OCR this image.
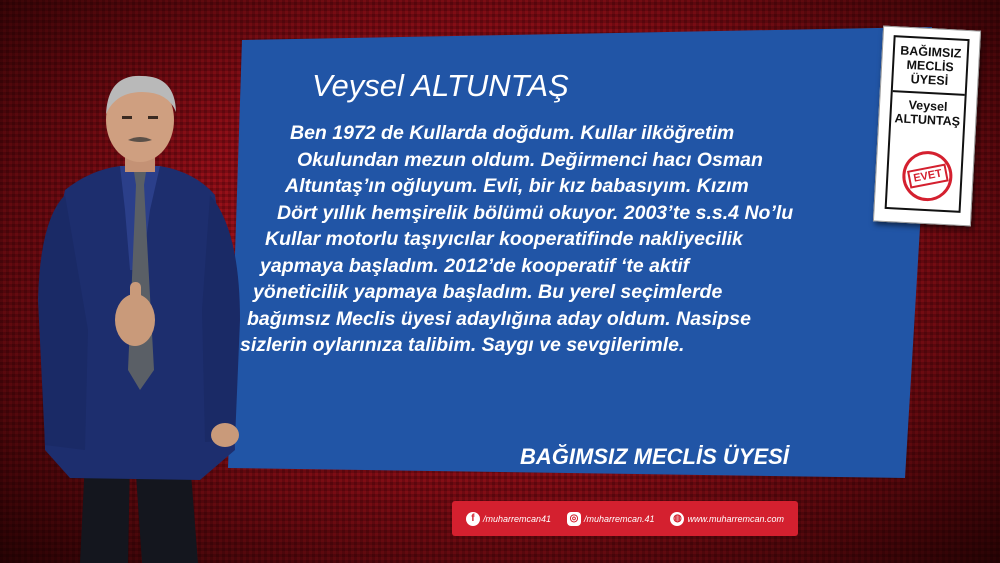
Veysel ALTUNTAŞ
Ben 1972 de Kullarda doğdum. Kullar ilköğretim
Okulundan mezun oldum. Değirmenci hacı Osman
Altuntaş’ın oğluyum. Evli, bir kız babasıyım. Kızım
Dört yıllık hemşirelik bölümü okuyor. 2003’te s.s.4 No’lu
Kullar motorlu taşıyıcılar kooperatifinde nakliyecilik
yapmaya başladım. 2012’de kooperatif ‘te aktif
yöneticilik yapmaya başladım. Bu yerel seçimlerde
bağımsız Meclis üyesi adaylığına aday oldum. Nasipse
sizlerin oylarınıza talibim. Saygı ve sevgilerimle.
BAĞIMSIZ MECLİS ÜYESİ
f /muharremcan41 ◎ /muharremcan.41 ◍ www.muharremcan.com
BAĞIMSIZ
MECLİS
ÜYESİ
Veysel
ALTUNTAŞ
EVET
